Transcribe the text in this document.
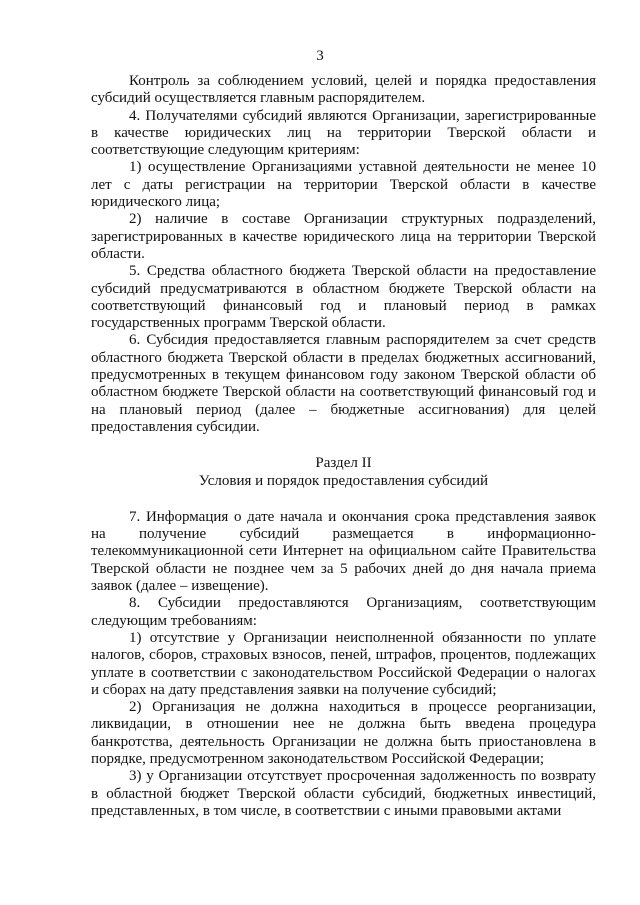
3

Контроль за соблюдением условий, целей и порядка предоставления субсидий осуществляется главным распорядителем.

4. Получателями субсидий являются Организации, зарегистрированные в качестве юридических лиц на территории Тверской области и соответствующие следующим критериям:

1) осуществление Организациями уставной деятельности не менее 10 лет с даты регистрации на территории Тверской области в качестве юридического лица;

2) наличие в составе Организации структурных подразделений, зарегистрированных в качестве юридического лица на территории Тверской области.

5. Средства областного бюджета Тверской области на предоставление субсидий предусматриваются в областном бюджете Тверской области на соответствующий финансовый год и плановый период в рамках государственных программ Тверской области.

6. Субсидия предоставляется главным распорядителем за счет средств областного бюджета Тверской области в пределах бюджетных ассигнований, предусмотренных в текущем финансовом году законом Тверской области об областном бюджете Тверской области на соответствующий финансовый год и на плановый период (далее – бюджетные ассигнования) для целей предоставления субсидии.

Раздел II

Условия и порядок предоставления субсидий

7. Информация о дате начала и окончания срока представления заявок на получение субсидий размещается в информационно-телекоммуникационной сети Интернет на официальном сайте Правительства Тверской области не позднее чем за 5 рабочих дней до дня начала приема заявок (далее – извещение).

8. Субсидии предоставляются Организациям, соответствующим следующим требованиям:

1) отсутствие у Организации неисполненной обязанности по уплате налогов, сборов, страховых взносов, пеней, штрафов, процентов, подлежащих уплате в соответствии с законодательством Российской Федерации о налогах и сборах на дату представления заявки на получение субсидий;

2) Организация не должна находиться в процессе реорганизации, ликвидации, в отношении нее не должна быть введена процедура банкротства, деятельность Организации не должна быть приостановлена в порядке, предусмотренном законодательством Российской Федерации;

3) у Организации отсутствует просроченная задолженность по возврату в областной бюджет Тверской области субсидий, бюджетных инвестиций, представленных, в том числе, в соответствии с иными правовыми актами
